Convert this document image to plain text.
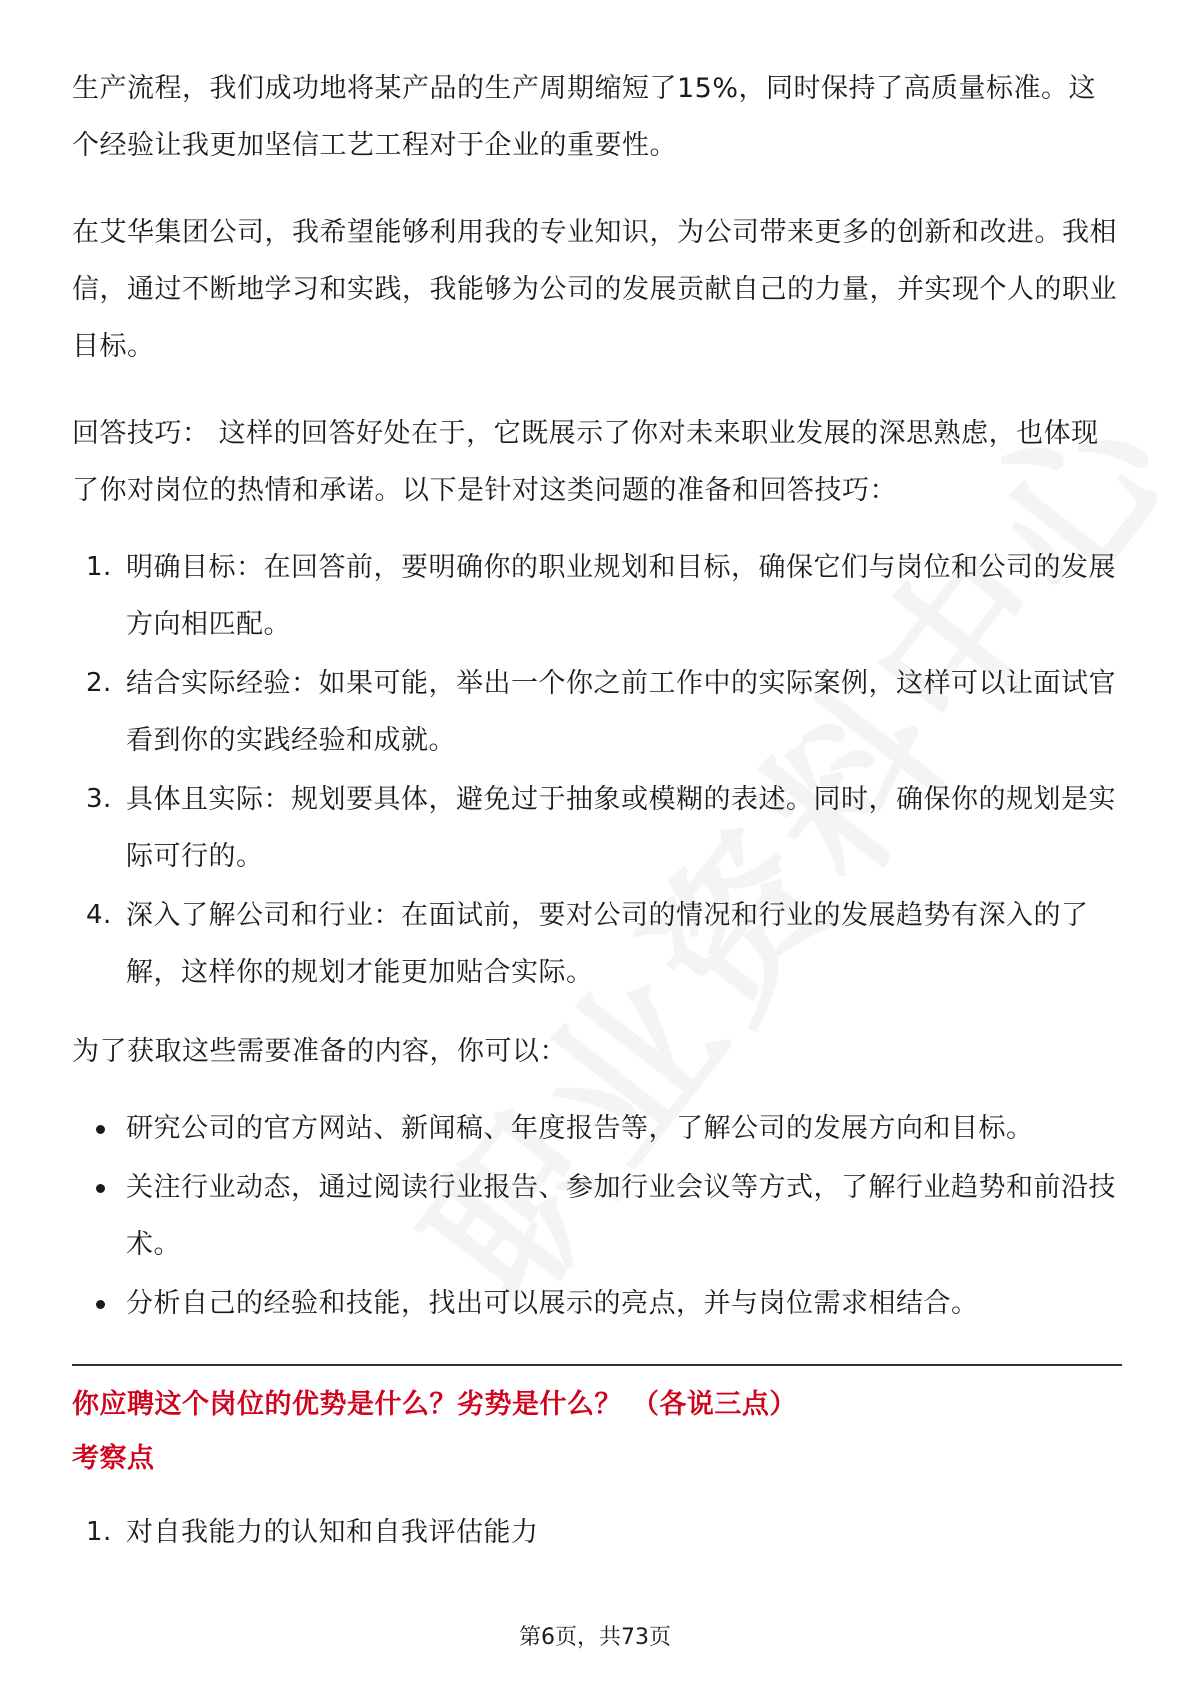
生产流程，我们成功地将某产品的生产周期缩短了15%，同时保持了高质量标准。这个经验让我更加坚信工艺工程对于企业的重要性。

在艾华集团公司，我希望能够利用我的专业知识，为公司带来更多的创新和改进。我相信，通过不断地学习和实践，我能够为公司的发展贡献自己的力量，并实现个人的职业目标。

回答技巧： 这样的回答好处在于，它既展示了你对未来职业发展的深思熟虑，也体现了你对岗位的热情和承诺。以下是针对这类问题的准备和回答技巧：

1. 明确目标：在回答前，要明确你的职业规划和目标，确保它们与岗位和公司的发展方向相匹配。
2. 结合实际经验：如果可能，举出一个你之前工作中的实际案例，这样可以让面试官看到你的实践经验和成就。
3. 具体且实际：规划要具体，避免过于抽象或模糊的表述。同时，确保你的规划是实际可行的。
4. 深入了解公司和行业：在面试前，要对公司的情况和行业的发展趋势有深入的了解，这样你的规划才能更加贴合实际。

为了获取这些需要准备的内容，你可以：

研究公司的官方网站、新闻稿、年度报告等，了解公司的发展方向和目标。
关注行业动态，通过阅读行业报告、参加行业会议等方式，了解行业趋势和前沿技术。
分析自己的经验和技能，找出可以展示的亮点，并与岗位需求相结合。

你应聘这个岗位的优势是什么？劣势是什么？ （各说三点）

考察点

1. 对自我能力的认知和自我评估能力
第6页，共73页
